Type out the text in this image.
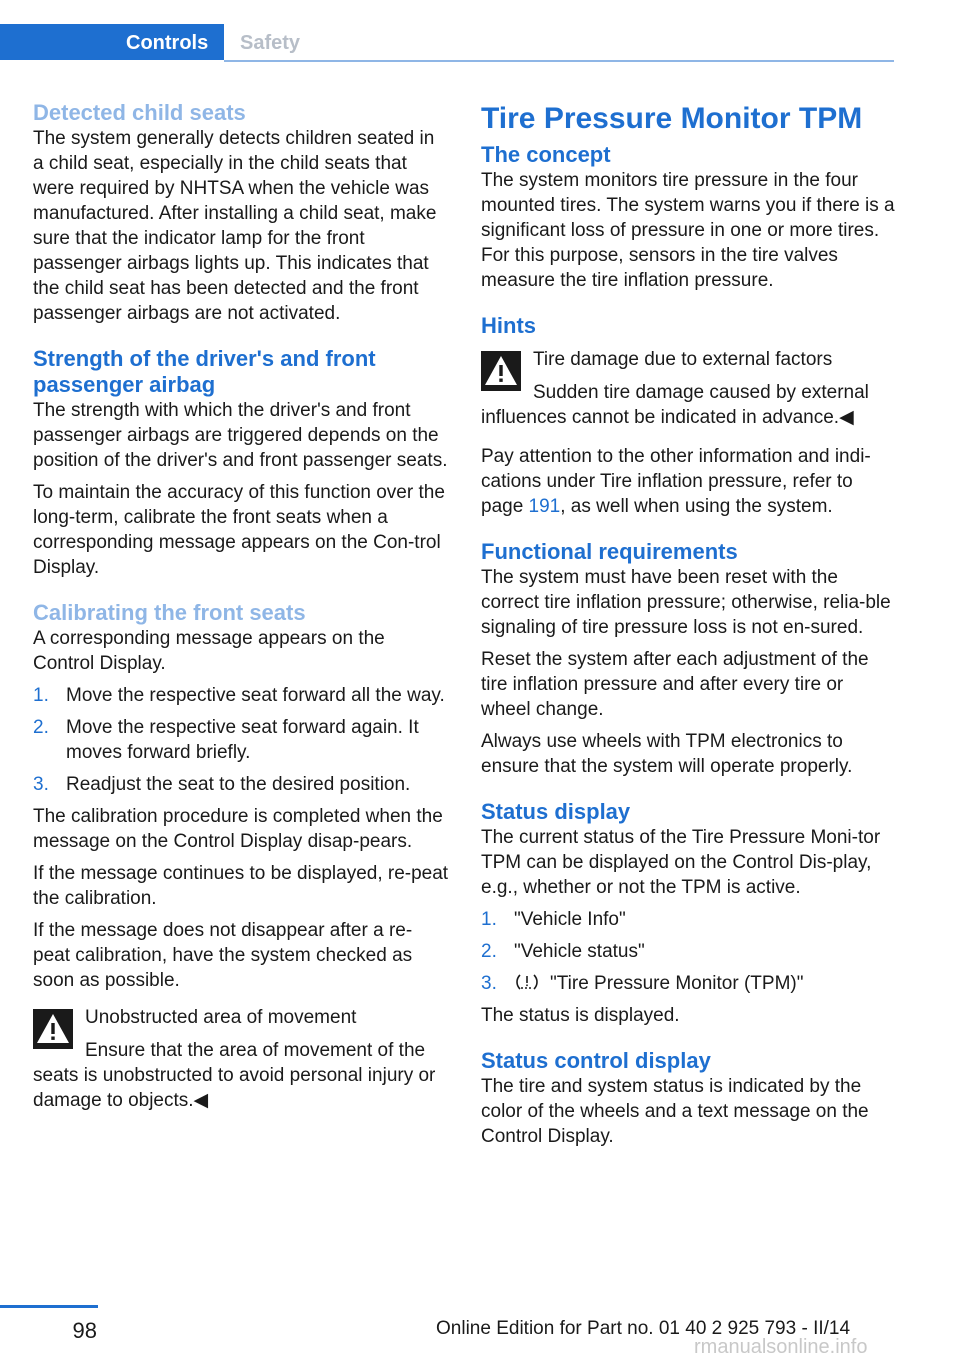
Controls Safety
Detected child seats

The system generally detects children seated in a child seat, especially in the child seats that were required by NHTSA when the vehicle was manufactured. After installing a child seat, make sure that the indicator lamp for the front passenger airbags lights up. This indicates that the child seat has been detected and the front passenger airbags are not activated.

Strength of the driver's and front passenger airbag

The strength with which the driver's and front passenger airbags are triggered depends on the position of the driver's and front passenger seats.

To maintain the accuracy of this function over the long-term, calibrate the front seats when a corresponding message appears on the Con-trol Display.

Calibrating the front seats

A corresponding message appears on the Control Display.

1. Move the respective seat forward all the way.
2. Move the respective seat forward again. It moves forward briefly.
3. Readjust the seat to the desired position.

The calibration procedure is completed when the message on the Control Display disap-pears.

If the message continues to be displayed, re-peat the calibration.

If the message does not disappear after a re-peat calibration, have the system checked as soon as possible.

Unobstructed area of movement
Ensure that the area of movement of the seats is unobstructed to avoid personal injury or damage to objects.◀
Tire Pressure Monitor TPM
The concept

The system monitors tire pressure in the four mounted tires. The system warns you if there is a significant loss of pressure in one or more tires. For this purpose, sensors in the tire valves measure the tire inflation pressure.

Hints
Tire damage due to external factors
Sudden tire damage caused by external influences cannot be indicated in advance.◀

Pay attention to the other information and indi-cations under Tire inflation pressure, refer to page 191, as well when using the system.

Functional requirements

The system must have been reset with the correct tire inflation pressure; otherwise, relia-ble signaling of tire pressure loss is not en-sured.

Reset the system after each adjustment of the tire inflation pressure and after every tire or wheel change.

Always use wheels with TPM electronics to ensure that the system will operate properly.

Status display

The current status of the Tire Pressure Moni-tor TPM can be displayed on the Control Dis-play, e.g., whether or not the TPM is active.

1. "Vehicle Info"
2. "Vehicle status"
3.	"Tire Pressure Monitor (TPM)"

The status is displayed.

Status control display

The tire and system status is indicated by the color of the wheels and a text message on the Control Display.

98	Online Edition for Part no. 01 40 2 925 793 - II/14
rmanualsonline.info
